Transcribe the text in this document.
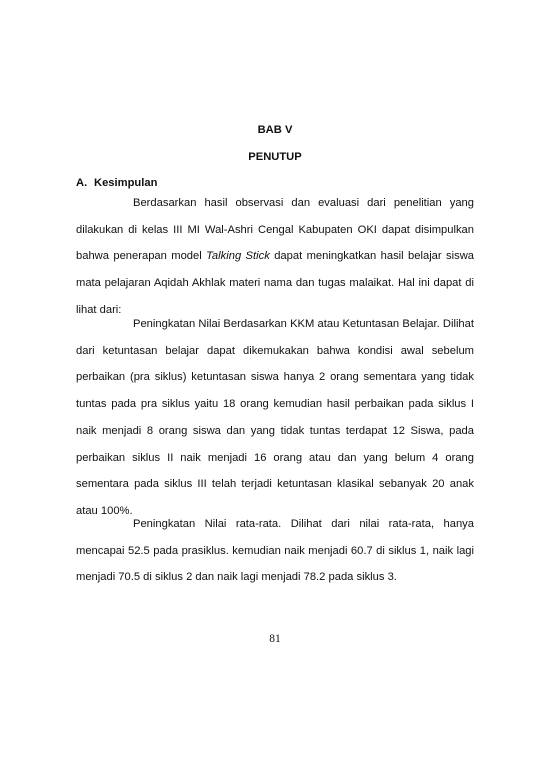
BAB V
PENUTUP
A. Kesimpulan

Berdasarkan hasil observasi dan evaluasi dari penelitian yang dilakukan di kelas III MI Wal-Ashri Cengal Kabupaten OKI dapat disimpulkan bahwa penerapan model Talking Stick dapat meningkatkan hasil belajar siswa mata pelajaran Aqidah Akhlak materi nama dan tugas malaikat. Hal ini dapat di lihat dari:

Peningkatan Nilai Berdasarkan KKM atau Ketuntasan Belajar. Dilihat dari ketuntasan belajar dapat dikemukakan bahwa kondisi awal sebelum perbaikan (pra siklus) ketuntasan siswa hanya 2 orang sementara yang tidak tuntas pada pra siklus yaitu 18 orang kemudian hasil perbaikan pada siklus I naik menjadi 8 orang siswa dan yang tidak tuntas terdapat 12 Siswa, pada perbaikan siklus II naik menjadi 16 orang atau dan yang belum 4 orang sementara pada siklus III telah terjadi ketuntasan klasikal sebanyak 20 anak atau 100%.

Peningkatan Nilai rata-rata. Dilihat dari nilai rata-rata, hanya mencapai 52.5 pada prasiklus. kemudian naik menjadi 60.7 di siklus 1, naik lagi menjadi 70.5 di siklus 2 dan naik lagi menjadi 78.2 pada siklus 3.

81
